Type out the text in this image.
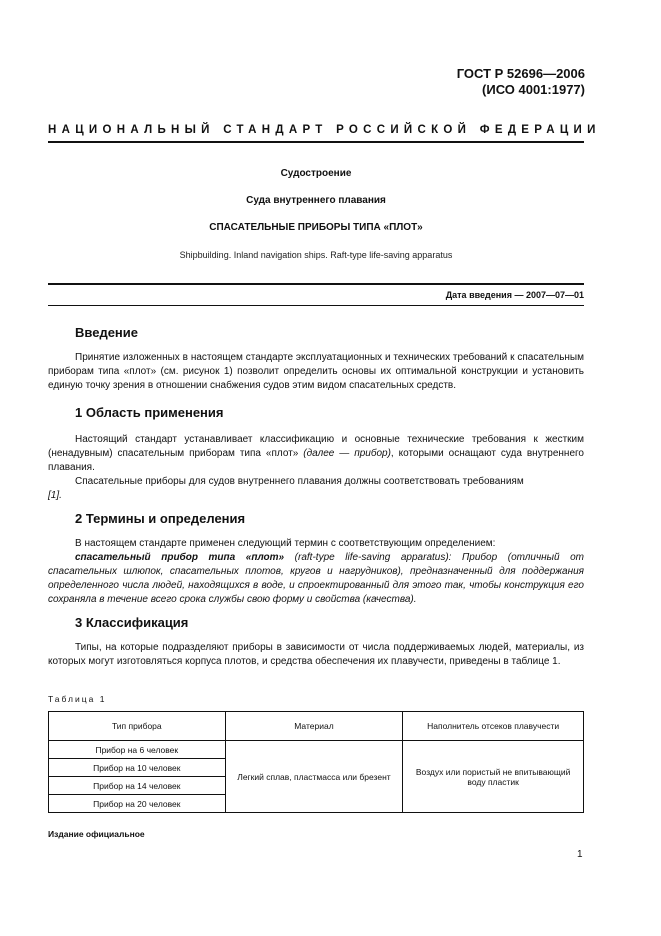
ГОСТ Р 52696—2006
(ИСО 4001:1977)
НАЦИОНАЛЬНЫЙ СТАНДАРТ РОССИЙСКОЙ ФЕДЕРАЦИИ
Судостроение
Суда внутреннего плавания
СПАСАТЕЛЬНЫЕ ПРИБОРЫ ТИПА «ПЛОТ»
Shipbuilding. Inland navigation ships. Raft-type life-saving apparatus
Дата введения — 2007—07—01
Введение

Принятие изложенных в настоящем стандарте эксплуатационных и технических требований к спасательным приборам типа «плот» (см. рисунок 1) позволит определить основы их оптимальной конструкции и установить единую точку зрения в отношении снабжения судов этим видом спасательных средств.

1 Область применения

Настоящий стандарт устанавливает классификацию и основные технические требования к жестким (ненадувным) спасательным приборам типа «плот» (далее — прибор), которыми оснащают суда внутреннего плавания.

Спасательные приборы для судов внутреннего плавания должны соответствовать требованиям

[1].
2 Термины и определения

В настоящем стандарте применен следующий термин с соответствующим определением:

спасательный прибор типа «плот» (raft-type life-saving apparatus): Прибор (отличный от спасательных шлюпок, спасательных плотов, кругов и нагрудников), предназначенный для поддержания определенного числа людей, находящихся в воде, и спроектированный для этого так, чтобы конструкция его сохраняла в течение всего срока службы свою форму и свойства (качества).

3 Классификация

Типы, на которые подразделяют приборы в зависимости от числа поддерживаемых людей, материалы, из которых могут изготовляться корпуса плотов, и средства обеспечения их плавучести, приведены в таблице 1.

Таблица 1
Тип прибора	Материал	Наполнитель отсеков плавучести
Прибор на 6 человек	Легкий сплав, пластмасса или брезент	Воздух или пористый не впитывающий воду пластик
Прибор на 10 человек		
Прибор на 14 человек		
Прибор на 20 человек		
Издание официальное
1
